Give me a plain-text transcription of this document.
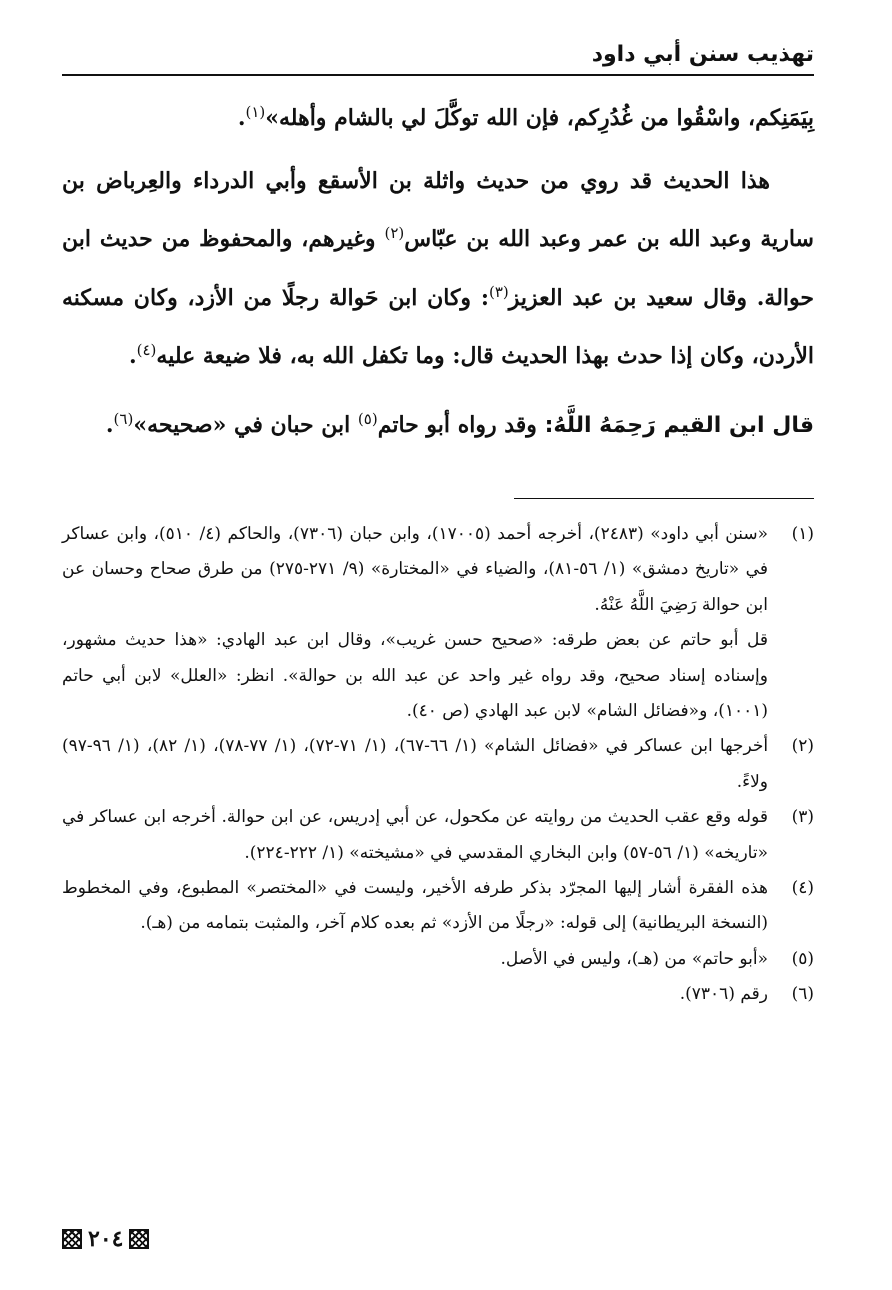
تهذيب سنن أبي داود

بِيَمَنِكم، واسْقُوا من غُدُرِكم، فإن الله توكَّلَ لي بالشام وأهله»$^{(١)}$.

هذا الحديث قد روي من حديث واثلة بن الأسقع وأبي الدرداء والعِرباض بن سارية وعبد الله بن عمر وعبد الله بن عبّاس$^{(٢)}$ وغيرهم، والمحفوظ من حديث ابن حوالة. وقال سعيد بن عبد العزيز$^{(٣)}$: وكان ابن حَوالة رجلًا من الأزد، وكان مسكنه الأردن، وكان إذا حدث بهذا الحديث قال: وما تكفل الله به، فلا ضيعة عليه$^{(٤)}$.

قال ابن القيم رَحِمَهُ اللَّهُ: وقد رواه أبو حاتم$^{(٥)}$ ابن حبان في «صحيحه»$^{(٦)}$.

(١)
«سنن أبي داود» (٢٤٨٣)، أخرجه أحمد (١٧٠٠٥)، وابن حبان (٧٣٠٦)، والحاكم (٤/ ٥١٠)، وابن عساكر في «تاريخ دمشق» (١/ ٥٦-٨١)، والضياء في «المختارة» (٩/ ٢٧١-٢٧٥) من طرق صحاح وحسان عن ابن حوالة رَضِيَ اللَّهُ عَنْهُ.
قل أبو حاتم عن بعض طرقه: «صحيح حسن غريب»، وقال ابن عبد الهادي: «هذا حديث مشهور، وإسناده إسناد صحيح، وقد رواه غير واحد عن عبد الله بن حوالة». انظر: «العلل» لابن أبي حاتم (١٠٠١)، و«فضائل الشام» لابن عبد الهادي (ص ٤٠).
(٢)
أخرجها ابن عساكر في «فضائل الشام» (١/ ٦٦-٦٧)، (١/ ٧١-٧٢)، (١/ ٧٧-٧٨)، (١/ ٨٢)، (١/ ٩٦-٩٧) ولاءً.
(٣)
قوله وقع عقب الحديث من روايته عن مكحول، عن أبي إدريس، عن ابن حوالة. أخرجه ابن عساكر في «تاريخه» (١/ ٥٦-٥٧) وابن البخاري المقدسي في «مشيخته» (١/ ٢٢٢-٢٢٤).
(٤)
هذه الفقرة أشار إليها المجرّد بذكر طرفه الأخير، وليست في «المختصر» المطبوع، وفي المخطوط (النسخة البريطانية) إلى قوله: «رجلًا من الأزد» ثم بعده كلام آخر، والمثبت بتمامه من (هـ).
(٥)
«أبو حاتم» من (هـ)، وليس في الأصل.
(٦)
رقم (٧٣٠٦).
٢٠٤
